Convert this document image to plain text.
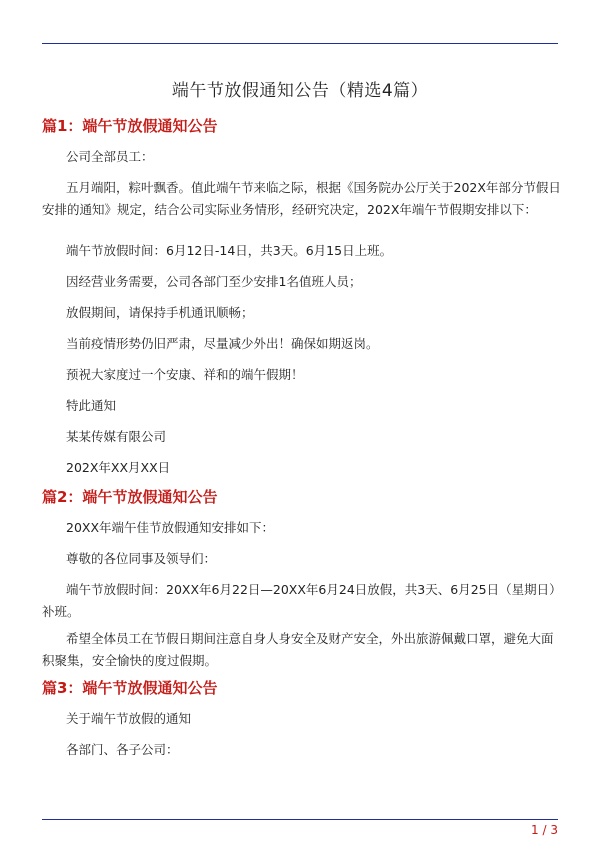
端午节放假通知公告（精选4篇）
篇1：端午节放假通知公告
公司全部员工：
五月端阳，粽叶飘香。值此端午节来临之际，根据《国务院办公厅关于202X年部分节假日安排的通知》规定，结合公司实际业务情形，经研究决定，202X年端午节假期安排以下：
端午节放假时间：6月12日-14日，共3天。6月15日上班。
因经营业务需要，公司各部门至少安排1名值班人员；
放假期间，请保持手机通讯顺畅；
当前疫情形势仍旧严肃，尽量减少外出！确保如期返岗。
预祝大家度过一个安康、祥和的端午假期！
特此通知
某某传媒有限公司
202X年XX月XX日
篇2：端午节放假通知公告
20XX年端午佳节放假通知安排如下：
尊敬的各位同事及领导们：
端午节放假时间：20XX年6月22日—20XX年6月24日放假，共3天、6月25日（星期日）补班。
希望全体员工在节假日期间注意自身人身安全及财产安全，外出旅游佩戴口罩，避免大面积聚集，安全愉快的度过假期。
篇3：端午节放假通知公告
关于端午节放假的通知
各部门、各子公司：
1 / 3
